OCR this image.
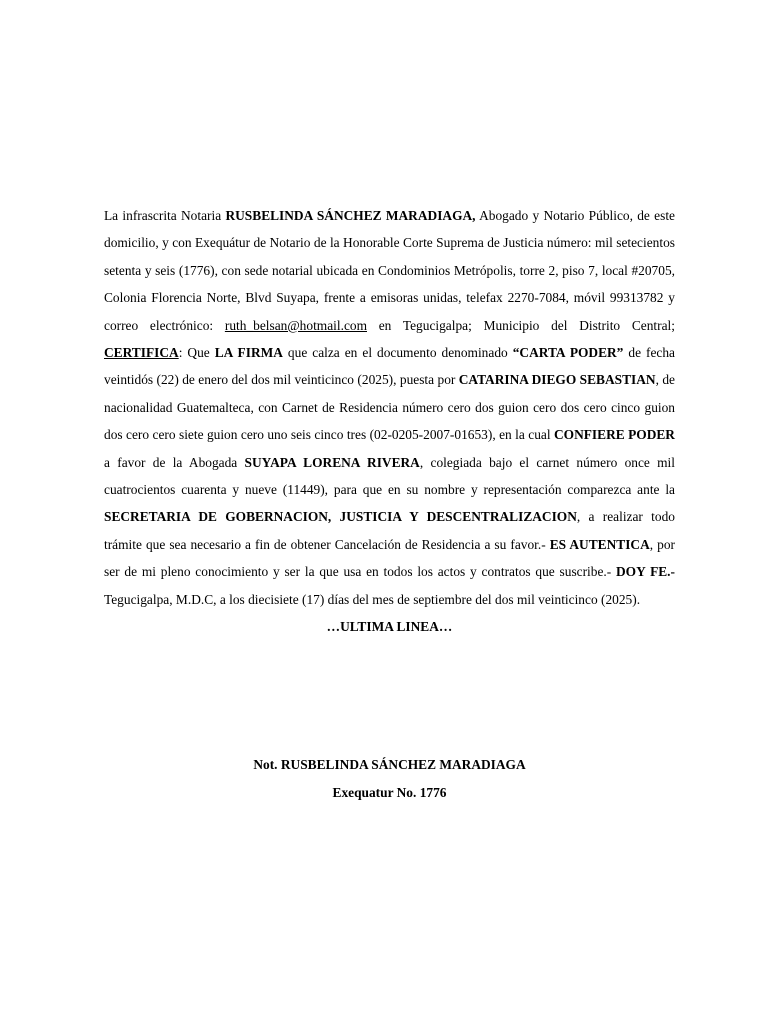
La infrascrita Notaria RUSBELINDA SÁNCHEZ MARADIAGA, Abogado y Notario Público, de este domicilio, y con Exequátur de Notario de la Honorable Corte Suprema de Justicia número: mil setecientos setenta y seis (1776), con sede notarial ubicada en Condominios Metrópolis, torre 2, piso 7, local #20705, Colonia Florencia Norte, Blvd Suyapa, frente a emisoras unidas, telefax 2270-7084, móvil 99313782 y correo electrónico: ruth_belsan@hotmail.com en Tegucigalpa; Municipio del Distrito Central; CERTIFICA: Que LA FIRMA que calza en el documento denominado “CARTA PODER” de fecha veintidós (22) de enero del dos mil veinticinco (2025), puesta por CATARINA DIEGO SEBASTIAN, de nacionalidad Guatemalteca, con Carnet de Residencia número cero dos guion cero dos cero cinco guion dos cero cero siete guion cero uno seis cinco tres (02-0205-2007-01653), en la cual CONFIERE PODER a favor de la Abogada SUYAPA LORENA RIVERA, colegiada bajo el carnet número once mil cuatrocientos cuarenta y nueve (11449), para que en su nombre y representación comparezca ante la SECRETARIA DE GOBERNACION, JUSTICIA Y DESCENTRALIZACION, a realizar todo trámite que sea necesario a fin de obtener Cancelación de Residencia a su favor.- ES AUTENTICA, por ser de mi pleno conocimiento y ser la que usa en todos los actos y contratos que suscribe.- DOY FE.- Tegucigalpa, M.D.C, a los diecisiete (17) días del mes de septiembre del dos mil veinticinco (2025).

…ULTIMA LINEA…

Not. RUSBELINDA SÁNCHEZ MARADIAGA
Exequatur No. 1776
